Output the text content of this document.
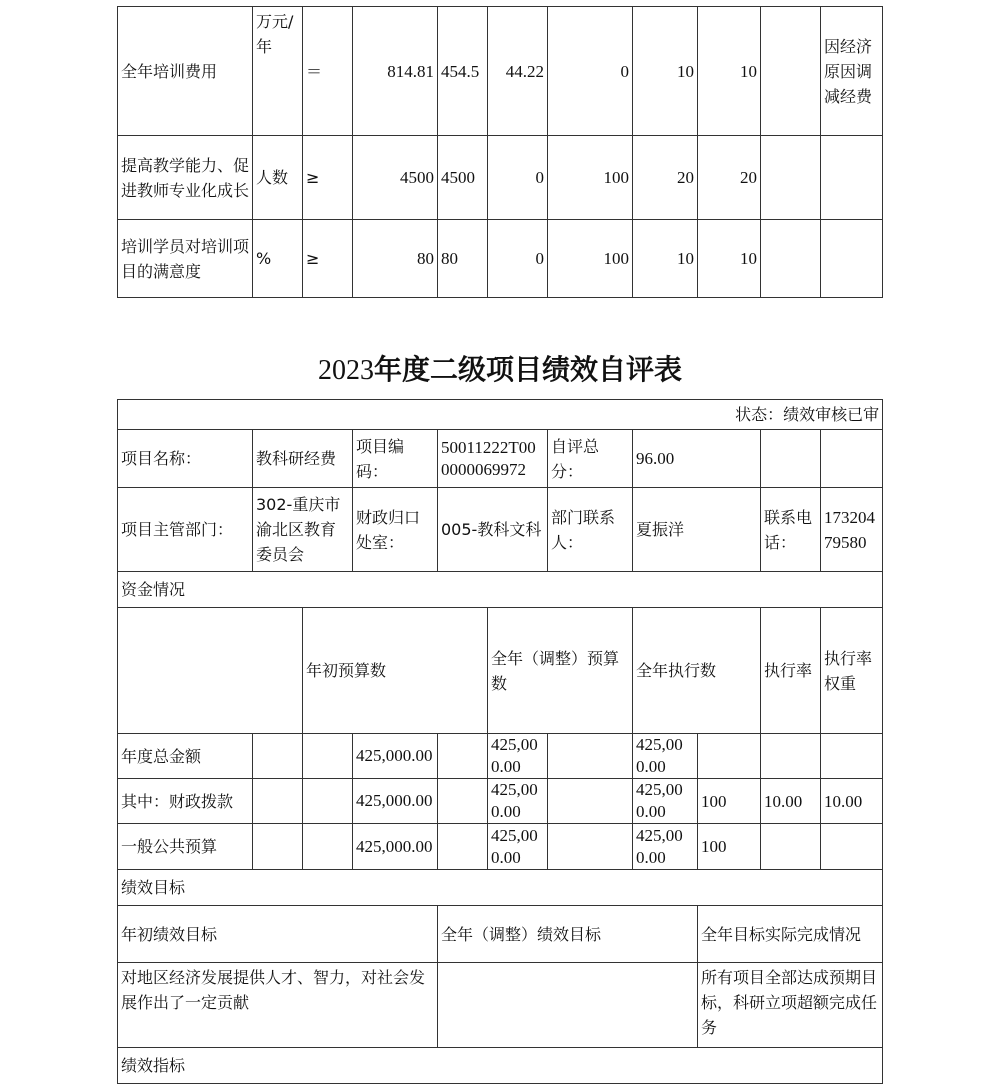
全年培训费用	万元/年	＝	814.81	454.5	44.22	0	10	10		因经济原因调减经费
提高教学能力、促进教师专业化成长	人数	≥	4500	4500	0	100	20	20		
培训学员对培训项目的满意度	%	≥	80	80	0	100	10	10		
2023年度二级项目绩效自评表
状态：绩效审核已审											
项目名称：	教科研经费		项目编码：	50011222T000000069972		自评总分：	96.00				
项目主管部门：	302-重庆市渝北区教育委员会		财政归口处室：	005-教科文科		部门联系人：	夏振洋		联系电话：	17320479580	
资金情况											
		年初预算数			全年（调整）预算数		全年执行数		执行率	执行率权重	
年度总金额			425,000.00		425,000.00		425,000.00				
其中：财政拨款			425,000.00		425,000.00		425,000.00	100	10.00	10.00	
一般公共预算			425,000.00		425,000.00		425,000.00	100			
绩效目标											
年初绩效目标				全年（调整）绩效目标				全年目标实际完成情况			
对地区经济发展提供人才、智力，对社会发展作出了一定贡献								所有项目全部达成预期目标，科研立项超额完成任务			
绩效指标											
